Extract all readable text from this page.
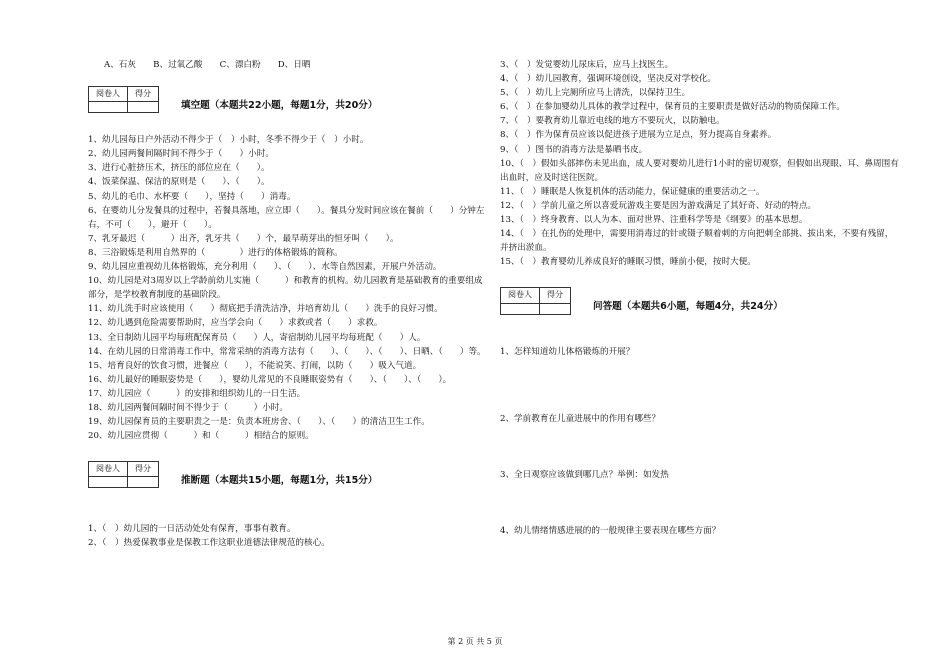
A、石灰　　B、过氧乙酸　　C、漂白粉　　D、日晒
阅卷人	得分

填空题（本题共22小题，每题1分，共20分）
1、幼儿园每日户外活动不得少于（　）小时，冬季不得少于（　）小时。
2、幼儿园两餐间隔时间不得少于（　　）小时。
3、进行心脏挤压术，挤压的部位应在（　　）。
4、饭菜保温、保洁的原则是（　　）、（　　）。
5、幼儿的毛巾、水杯要（　　），坚持（　　）消毒。
6、在婴幼儿分发餐具的过程中，若餐具落地，应立即（　　）。餐具分发时间应该在餐前（　　）分钟左右，不可（　　），避开（　　）。
7、乳牙最迟（　　　）出齐，乳牙共（　　）个，最早萌芽出的恒牙叫（　　）。
8、三浴锻炼是利用自然界的（　　　　）进行的体格锻炼的简称。
9、幼儿园应重视幼儿体格锻炼，充分利用（　　）、（　　）、水等自然因素，开展户外活动。
10、幼儿园是对3周岁以上学龄前幼儿实施（　　　）和教育的机构。幼儿园教育是基础教育的重要组成部分，是学校教育制度的基础阶段。
11、幼儿洗手时应该使用（　　）彻底把手清洗洁净，并培育幼儿（　　）洗手的良好习惯。
12、幼儿遇到危险需要帮助时，应当学会向（　　）求救或者（　　）求救。
13、全日制幼儿园平均每班配保育员（　　）人，寄宿制幼儿园平均每班配（　　）人。
14、在幼儿园的日常消毒工作中，常常采纳的消毒方法有（　　）、（　　）、（　　）、日晒、（　　）等。
15、培育良好的饮食习惯，进餐应（　　），不能说笑、打闹，以防（　　）吸入气道。
16、幼儿最好的睡眠姿势是（　　），婴幼儿常见的不良睡眠姿势有（　　）、（　　）、（　　）。
17、幼儿园应（　　　）的安排和组织幼儿的一日生活。
18、幼儿园两餐间隔时间不得少于（　　　）小时。
19、幼儿园保育员的主要职责之一是：负责本班房舍、（　　）、（　　）的清洁卫生工作。
20、幼儿园应贯彻（　　　）和（　　　）相结合的原则。
阅卷人	得分

推断题（本题共15小题，每题1分，共15分）
1、（　）幼儿园的一日活动处处有保育，事事有教育。
2、（　）热爱保教事业是保教工作这职业道德法律规范的核心。
3、（　）发觉婴幼儿尿床后，应马上找医生。
4、（　）幼儿园教育，强调环境创设，坚决反对学校化。
5、（　）幼儿上完厕所应马上清洗，以保持卫生。
6、（　）在参加婴幼儿具体的教学过程中，保育员的主要职责是做好活动的物质保障工作。
7、（　）要教育幼儿靠近电线的地方不要玩火，以防触电。
8、（　）作为保育员应该以促进孩子进展为立足点，努力提高自身素养。
9、（　）图书的消毒方法是暴晒书皮。
10、（　）假如头部摔伤未见出血，成人要对婴幼儿进行1小时的密切观察，但假如出现眼、耳、鼻周围有出血时，应及时送往医院。
11、（　）睡眠是人恢复机体的活动能力，保证健康的重要活动之一。
12、（　）学前儿童之所以喜爱玩游戏主要是因为游戏满足了其好奇、好动的特点。
13、（　）终身教育、以人为本、面对世界、注重科学等是《纲要》的基本思想。
14、（　）在扎伤的处理中，需要用消毒过的针或镊子顺着刺的方向把刺全部挑、拔出来，不要有残留，并挤出淤血。
15、（　）教育婴幼儿养成良好的睡眠习惯，睡前小便，按时大便。
阅卷人	得分

问答题（本题共6小题，每题4分，共24分）
1、怎样知道幼儿体格锻炼的开展？
2、学前教育在儿童进展中的作用有哪些？
3、全日观察应该做到哪几点？举例：如发热
4、幼儿情绪情感进展的的一般规律主要表现在哪些方面？
第 2 页 共 5 页
